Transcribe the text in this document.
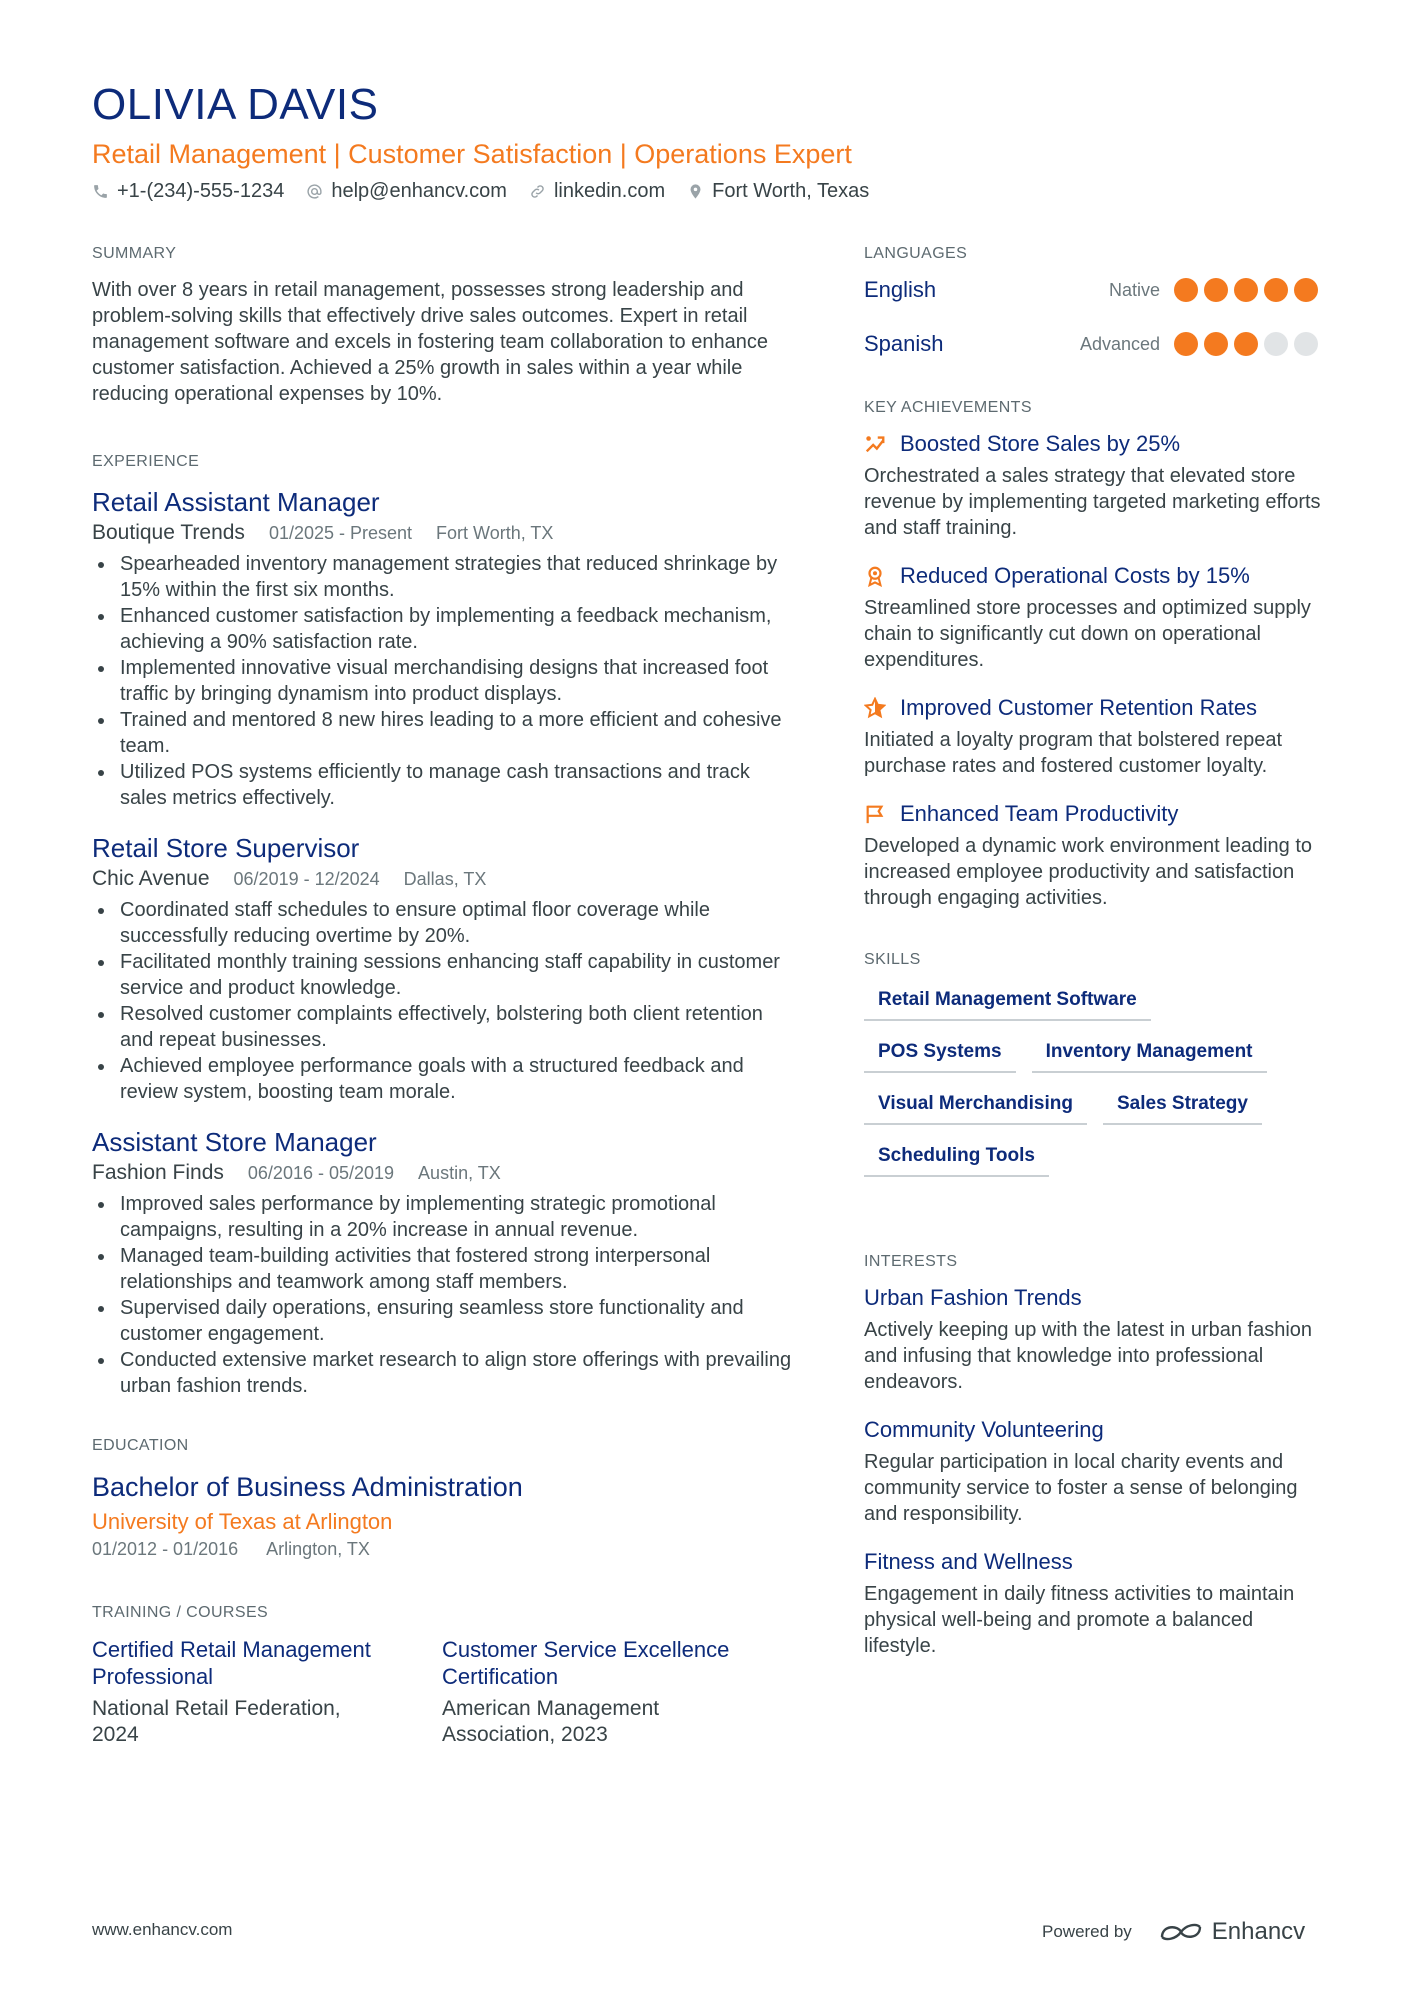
OLIVIA DAVIS
Retail Management | Customer Satisfaction | Operations Expert
+1-(234)-555-1234 help@enhancv.com linkedin.com Fort Worth, Texas
SUMMARY
With over 8 years in retail management, possesses strong leadership and problem-solving skills that effectively drive sales outcomes. Expert in retail management software and excels in fostering team collaboration to enhance customer satisfaction. Achieved a 25% growth in sales within a year while reducing operational expenses by 10%.
EXPERIENCE
Retail Assistant Manager
Boutique Trends 01/2025 - Present Fort Worth, TX
Spearheaded inventory management strategies that reduced shrinkage by 15% within the first six months.
Enhanced customer satisfaction by implementing a feedback mechanism, achieving a 90% satisfaction rate.
Implemented innovative visual merchandising designs that increased foot traffic by bringing dynamism into product displays.
Trained and mentored 8 new hires leading to a more efficient and cohesive team.
Utilized POS systems efficiently to manage cash transactions and track sales metrics effectively.
Retail Store Supervisor
Chic Avenue 06/2019 - 12/2024 Dallas, TX
Coordinated staff schedules to ensure optimal floor coverage while successfully reducing overtime by 20%.
Facilitated monthly training sessions enhancing staff capability in customer service and product knowledge.
Resolved customer complaints effectively, bolstering both client retention and repeat businesses.
Achieved employee performance goals with a structured feedback and review system, boosting team morale.
Assistant Store Manager
Fashion Finds 06/2016 - 05/2019 Austin, TX
Improved sales performance by implementing strategic promotional campaigns, resulting in a 20% increase in annual revenue.
Managed team-building activities that fostered strong interpersonal relationships and teamwork among staff members.
Supervised daily operations, ensuring seamless store functionality and customer engagement.
Conducted extensive market research to align store offerings with prevailing urban fashion trends.
EDUCATION
Bachelor of Business Administration
University of Texas at Arlington
01/2012 - 01/2016 Arlington, TX
TRAINING / COURSES
Certified Retail Management Professional
National Retail Federation, 2024
Customer Service Excellence Certification
American Management Association, 2023
LANGUAGES
English	Native
Spanish	Advanced
KEY ACHIEVEMENTS
Boosted Store Sales by 25%
Orchestrated a sales strategy that elevated store revenue by implementing targeted marketing efforts and staff training.
Reduced Operational Costs by 15%
Streamlined store processes and optimized supply chain to significantly cut down on operational expenditures.
Improved Customer Retention Rates
Initiated a loyalty program that bolstered repeat purchase rates and fostered customer loyalty.
Enhanced Team Productivity
Developed a dynamic work environment leading to increased employee productivity and satisfaction through engaging activities.
SKILLS
Retail Management Software
POS Systems	Inventory Management
Visual Merchandising	Sales Strategy
Scheduling Tools
INTERESTS
Urban Fashion Trends
Actively keeping up with the latest in urban fashion and infusing that knowledge into professional endeavors.
Community Volunteering
Regular participation in local charity events and community service to foster a sense of belonging and responsibility.
Fitness and Wellness
Engagement in daily fitness activities to maintain physical well-being and promote a balanced lifestyle.
www.enhancv.com	Powered by	Enhancv
